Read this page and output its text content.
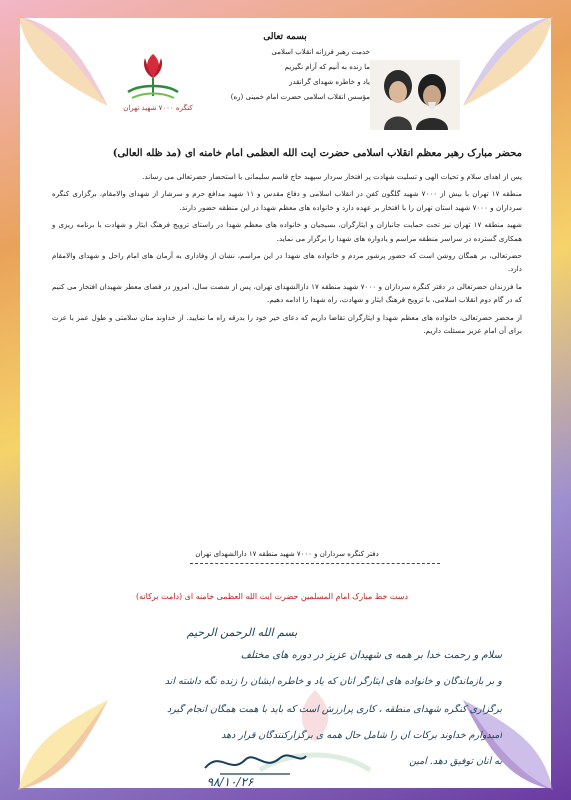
کنگره ۷۰۰۰ شهید تهران
بسمه تعالی
خدمت رهبر فرزانه انقلاب اسلامی
ما زنده به آنیم که آرام نگیریم
یاد و خاطره شهدای گرانقدر
مؤسس انقلاب اسلامی حضرت امام خمینی (ره)
محضر مبارک رهبر معظم انقلاب اسلامی حضرت آیت الله العظمی امام خامنه ای (مد ظله العالی)

پس از اهدای سلام و تحیات الهی و تسلیت شهادت پر افتخار سردار سپهبد حاج قاسم سلیمانی با استحضار حضرتعالی می رساند.

منطقه ۱۷ تهران با بیش از ۷۰۰۰ شهید گلگون کفن در انقلاب اسلامی و دفاع مقدس و ۱۱ شهید مدافع حرم و سرشار از شهدای والامقام، برگزاری کنگره سرداران و ۷۰۰۰ شهید استان تهران را با افتخار بر عهده دارد و خانواده های معظم شهدا در این منطقه حضور دارند.

شهید منطقه ۱۷ تهران نیز تحت حمایت جانبازان و ایثارگران، بسیجیان و خانواده های معظم شهدا در راستای ترویج فرهنگ ایثار و شهادت با برنامه ریزی و همکاری گسترده در سراسر منطقه مراسم و یادواره های شهدا را برگزار می نماید.

حضرتعالی، بر همگان روشن است که حضور پرشور مردم و خانواده های شهدا در این مراسم، نشان از وفاداری به آرمان های امام راحل و شهدای والامقام دارد.

ما فرزندان حضرتعالی در دفتر کنگره سرداران و ۷۰۰۰ شهید منطقه ۱۷ دارالشهدای تهران، پس از شصت سال، امروز در فضای معطر شهیدان افتخار می کنیم که در گام دوم انقلاب اسلامی، با ترویج فرهنگ ایثار و شهادت، راه شهدا را ادامه دهیم.

از محضر حضرتعالی، خانواده های معظم شهدا و ایثارگران تقاضا داریم که دعای خیر خود را بدرقه راه ما نمایید. از خداوند منان سلامتی و طول عمر با عزت برای آن امام عزیز مسئلت داریم.

دفتر کنگره سرداران و ۷۰۰۰ شهید منطقه ۱۷ دارالشهدای تهران
دست خط مبارک امام المسلمین حضرت آیت الله العظمی خامنه ای (دامت برکاته)
بسم الله الرحمن الرحیم
سلام و رحمت خدا بر همه ی شهیدان عزیز در دوره های مختلف
و بر بازماندگان و خانواده های ایثارگر آنان که یاد و خاطره ایشان را زنده نگه داشته اند
برگزاری کنگره شهدای منطقه ، کاری پرارزش است که باید با همت همگان انجام گیرد
امیدوارم خداوند برکات آن را شامل حال همه ی برگزارکنندگان قرار دهد
به آنان توفیق دهد. آمین
۹۸/۱۰/۲۶
